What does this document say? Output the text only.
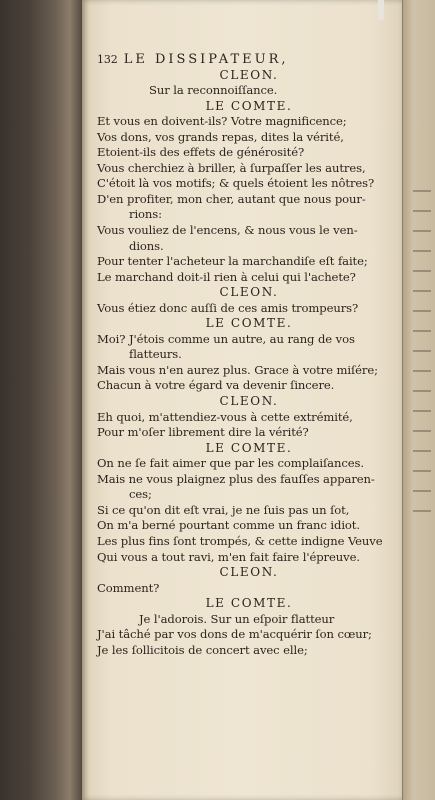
132 LE DISSIPATEUR,
CLEON.
Sur la reconnoiſſance.
LE COMTE.
Et vous en doivent-ils? Votre magnificence;
Vos dons, vos grands repas, dites la vérité,
Etoient-ils des effets de générosité?
Vous cherchiez à briller, à ſurpaſſer les autres,
C'étoit là vos motifs; & quels étoient les nôtres?
D'en profiter, mon cher, autant que nous pour-
rions:
Vous vouliez de l'encens, & nous vous le ven-
dions.
Pour tenter l'acheteur la marchandiſe eſt faite;
Le marchand doit-il rien à celui qui l'achete?
CLEON.
Vous étiez donc auſſi de ces amis trompeurs?
LE COMTE.
Moi? J'étois comme un autre, au rang de vos
flatteurs.
Mais vous n'en aurez plus. Grace à votre miſére;
Chacun à votre égard va devenir ſincere.
CLEON.
Eh quoi, m'attendiez-vous à cette extrémité,
Pour m'oſer librement dire la vérité?
LE COMTE.
On ne ſe fait aimer que par les complaiſances.
Mais ne vous plaignez plus des fauſſes apparen-
ces;
Si ce qu'on dit eſt vrai, je ne ſuis pas un ſot,
On m'a berné pourtant comme un franc idiot.
Les plus fins ſont trompés, & cette indigne Veuve
Qui vous a tout ravi, m'en fait faire l'épreuve.
CLEON.
Comment?
LE COMTE.
Je l'adorois. Sur un eſpoir flatteur
J'ai tâché par vos dons de m'acquérir ſon cœur;
Je les ſollicitois de concert avec elle;
